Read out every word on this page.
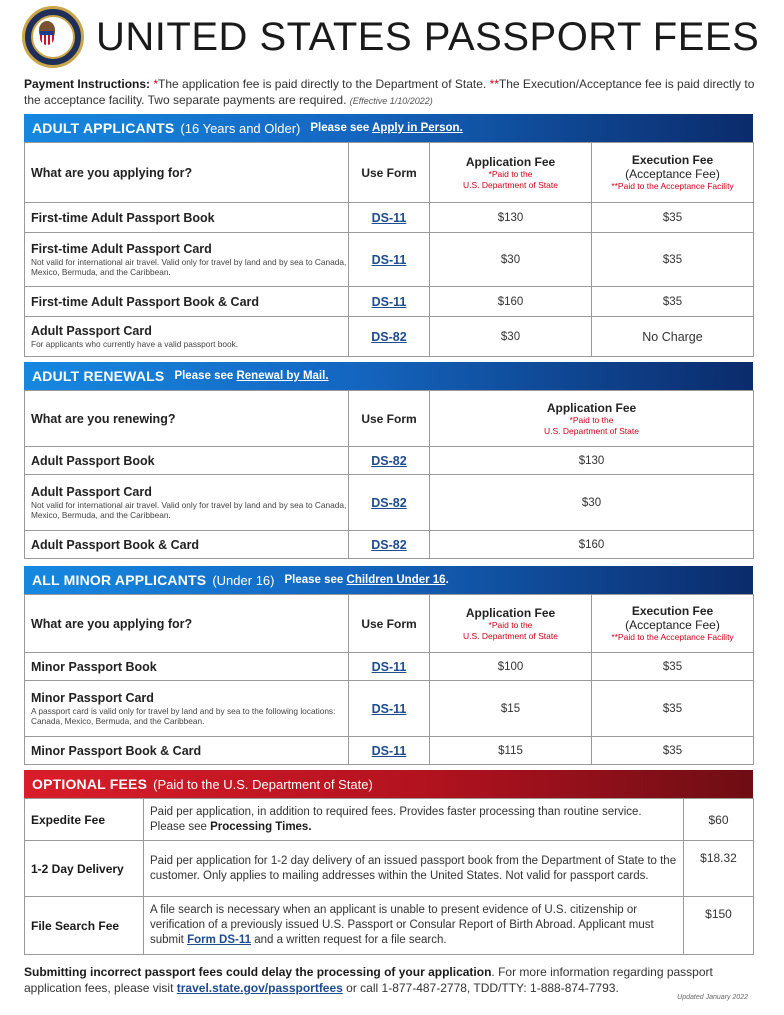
UNITED STATES PASSPORT FEES

Payment Instructions: *The application fee is paid directly to the Department of State. **The Execution/Acceptance fee is paid directly to the acceptance facility. Two separate payments are required. (Effective 1/10/2022)

ADULT APPLICANTS (16 Years and Older) Please see Apply in Person.
What are you applying for?	Use Form	Application Fee
*Paid to the
U.S. Department of State	Execution Fee
(Acceptance Fee)
**Paid to the Acceptance Facility

First-time Adult Passport Book	DS-11	$130	$35
First-time Adult Passport Card
Not valid for international air travel. Valid only for travel by land and by sea to Canada, Mexico, Bermuda, and the Caribbean.	DS-11	$30	$35
First-time Adult Passport Book & Card	DS-11	$160	$35
Adult Passport Card
For applicants who currently have a valid passport book.	DS-82	$30	No Charge
ADULT RENEWALS Please see Renewal by Mail.
What are you renewing?	Use Form	Application Fee
*Paid to the
U.S. Department of State

Adult Passport Book	DS-82	$130
Adult Passport Card
Not valid for international air travel. Valid only for travel by land and by sea to Canada, Mexico, Bermuda, and the Caribbean.	DS-82	$30
Adult Passport Book & Card	DS-82	$160
ALL MINOR APPLICANTS (Under 16) Please see Children Under 16.
What are you applying for?	Use Form	Application Fee
*Paid to the
U.S. Department of State	Execution Fee
(Acceptance Fee)
**Paid to the Acceptance Facility

Minor Passport Book	DS-11	$100	$35
Minor Passport Card
A passport card is valid only for travel by land and by sea to the following locations: Canada, Mexico, Bermuda, and the Caribbean.	DS-11	$15	$35
Minor Passport Book & Card	DS-11	$115	$35
OPTIONAL FEES (Paid to the U.S. Department of State)
Expedite Fee	Paid per application, in addition to required fees. Provides faster processing than routine service. Please see Processing Times.	$60
1-2 Day Delivery	Paid per application for 1-2 day delivery of an issued passport book from the Department of State to the customer. Only applies to mailing addresses within the United States. Not valid for passport cards.	$18.32
File Search Fee	A file search is necessary when an applicant is unable to present evidence of U.S. citizenship or verification of a previously issued U.S. Passport or Consular Report of Birth Abroad. Applicant must submit Form DS-11 and a written request for a file search.	$150

Submitting incorrect passport fees could delay the processing of your application. For more information regarding passport application fees, please visit travel.state.gov/passportfees or call 1-877-487-2778, TDD/TTY: 1-888-874-7793.

Updated January 2022
